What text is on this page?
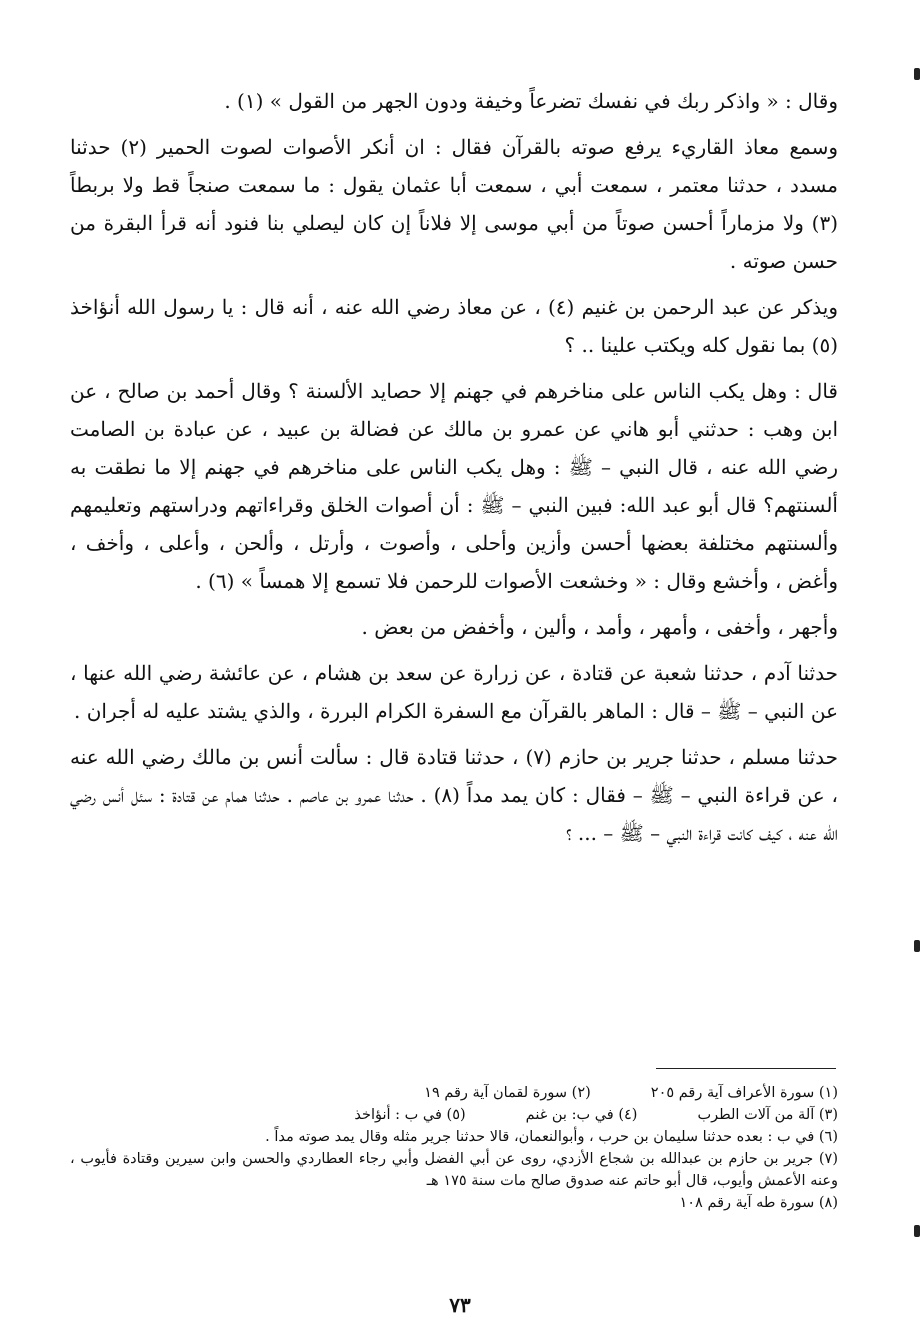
وقال : « واذكر ربك في نفسك تضرعاً وخيفة ودون الجهر من القول » (١) .

وسمع معاذ القاريء يرفع صوته بالقرآن فقال : ان أنكر الأصوات لصوت الحمير (٢) حدثنا مسدد ، حدثنا معتمر ، سمعت أبي ، سمعت أبا عثمان يقول : ما سمعت صنجاً قط ولا بربطاً (٣) ولا مزماراً أحسن صوتاً من أبي موسى إلا فلاناً إن كان ليصلي بنا فنود أنه قرأ البقرة من حسن صوته .

ويذكر عن عبد الرحمن بن غنيم (٤) ، عن معاذ رضي الله عنه ، أنه قال : يا رسول الله أنؤاخذ (٥) بما نقول كله ويكتب علينا .. ؟

قال : وهل يكب الناس على مناخرهم في جهنم إلا حصايد الألسنة ؟ وقال أحمد بن صالح ، عن ابن وهب : حدثني أبو هاني عن عمرو بن مالك عن فضالة بن عبيد ، عن عبادة بن الصامت رضي الله عنه ، قال النبي – ﷺ : وهل يكب الناس على مناخرهم في جهنم إلا ما نطقت به ألسنتهم؟ قال أبو عبد الله: فبين النبي – ﷺ : أن أصوات الخلق وقراءاتهم ودراستهم وتعليمهم وألسنتهم مختلفة بعضها أحسن وأزين وأحلى ، وأصوت ، وأرتل ، وألحن ، وأعلى ، وأخف ، وأغض ، وأخشع وقال : « وخشعت الأصوات للرحمن فلا تسمع إلا همساً » (٦) .

وأجهر ، وأخفى ، وأمهر ، وأمد ، وألين ، وأخفض من بعض .

حدثنا آدم ، حدثنا شعبة عن قتادة ، عن زرارة عن سعد بن هشام ، عن عائشة رضي الله عنها ، عن النبي – ﷺ – قال : الماهر بالقرآن مع السفرة الكرام البررة ، والذي يشتد عليه له أجران .

حدثنا مسلم ، حدثنا جرير بن حازم (٧) ، حدثنا قتادة قال : سألت أنس بن مالك رضي الله عنه ، عن قراءة النبي – ﷺ – فقال : كان يمد مداً (٨) . حدثنا عمرو بن عاصم . حدثنا همام عن قتادة : سئل أنس رضي الله عنه ، كيف كانت قراءة النبي – ﷺ – ... ؟

(١) سورة الأعراف آية رقم ٢٠٥

(٢) سورة لقمان آية رقم ١٩

(٣) آلة من آلات الطرب

(٤) في ب: بن غنم

(٥) في ب : أنؤاخذ

(٦) في ب : بعده حدثنا سليمان بن حرب ، وأبوالنعمان، قالا حدثنا جرير مثله وقال يمد صوته مداً .

(٧) جرير بن حازم بن عبدالله بن شجاع الأزدي، روى عن أبي الفضل وأبي رجاء العطاردي والحسن وابن سيرين وقتادة فأيوب ، وعنه الأعمش وأيوب، قال أبو حاتم عنه صدوق صالح مات سنة ١٧٥ هـ

(٨) سورة طه آية رقم ١٠٨

٧٣
